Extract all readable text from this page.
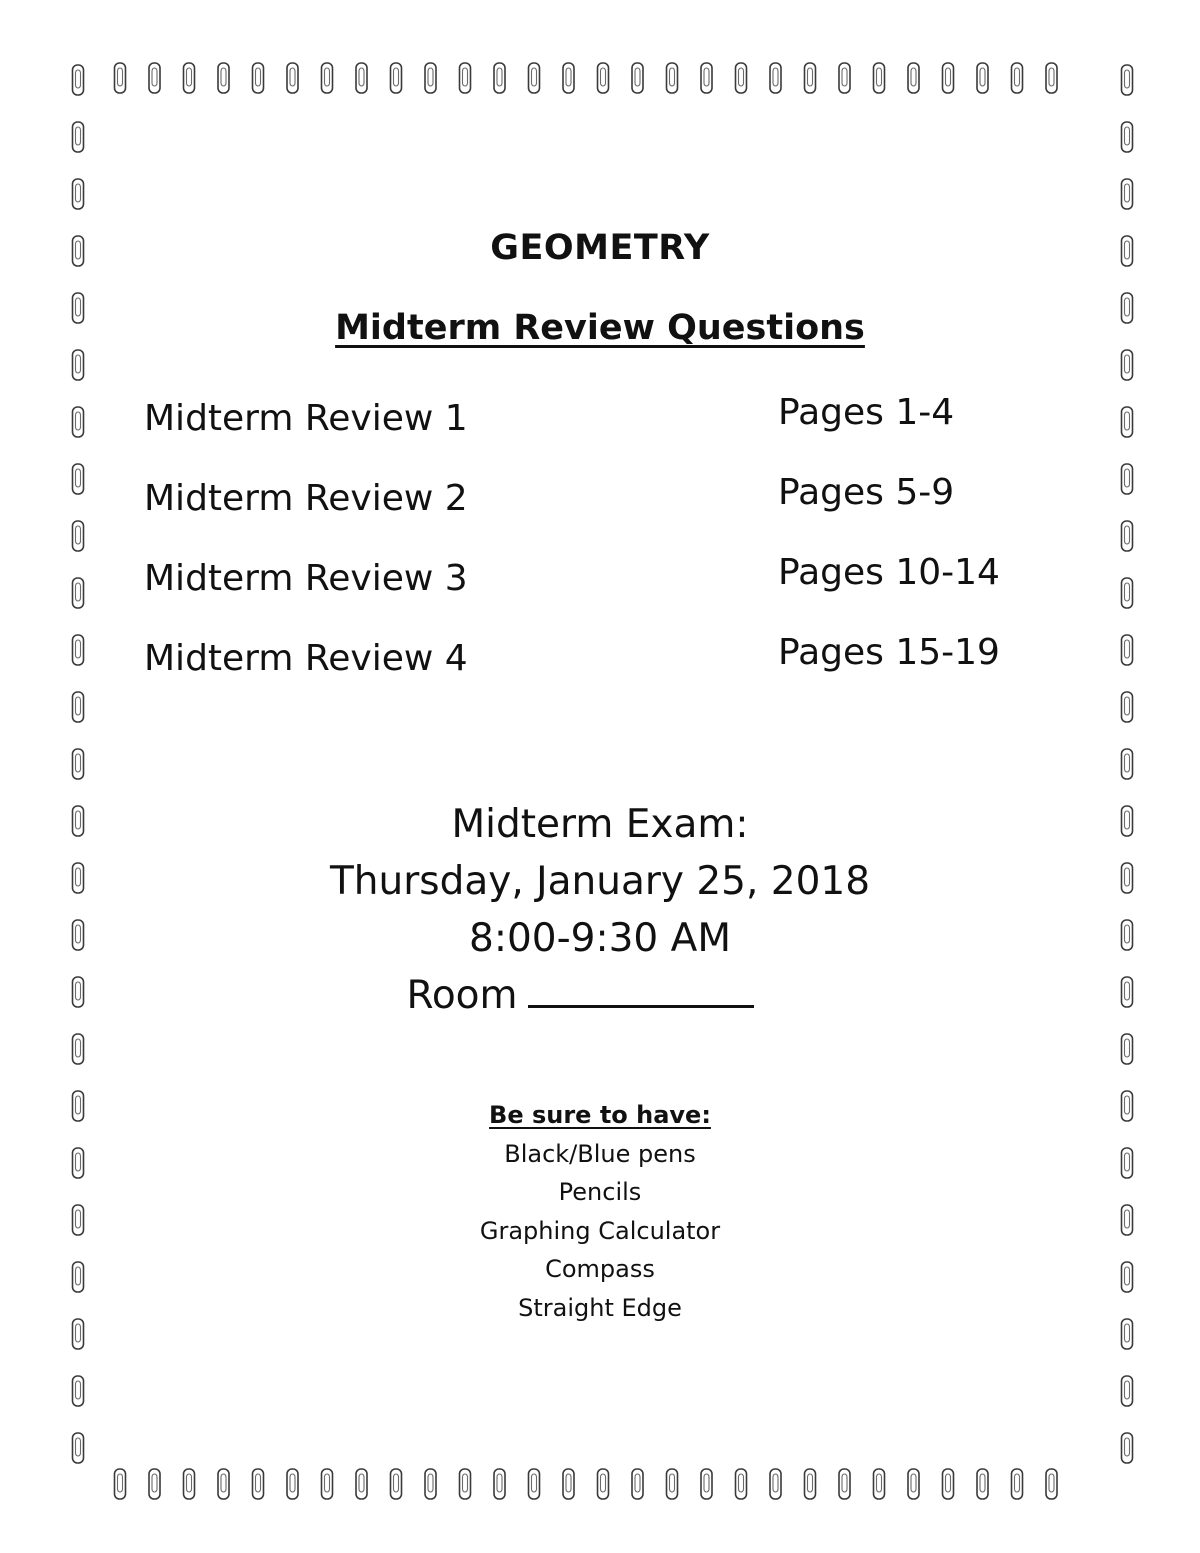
GEOMETRY
Midterm Review Questions
Midterm Review 1	Pages 1-4
Midterm Review 2	Pages 5-9
Midterm Review 3	Pages 10-14
Midterm Review 4	Pages 15-19
Midterm Exam:
Thursday, January 25, 2018
8:00-9:30 AM
Room
Be sure to have:
Black/Blue pens
Pencils
Graphing Calculator
Compass
Straight Edge
